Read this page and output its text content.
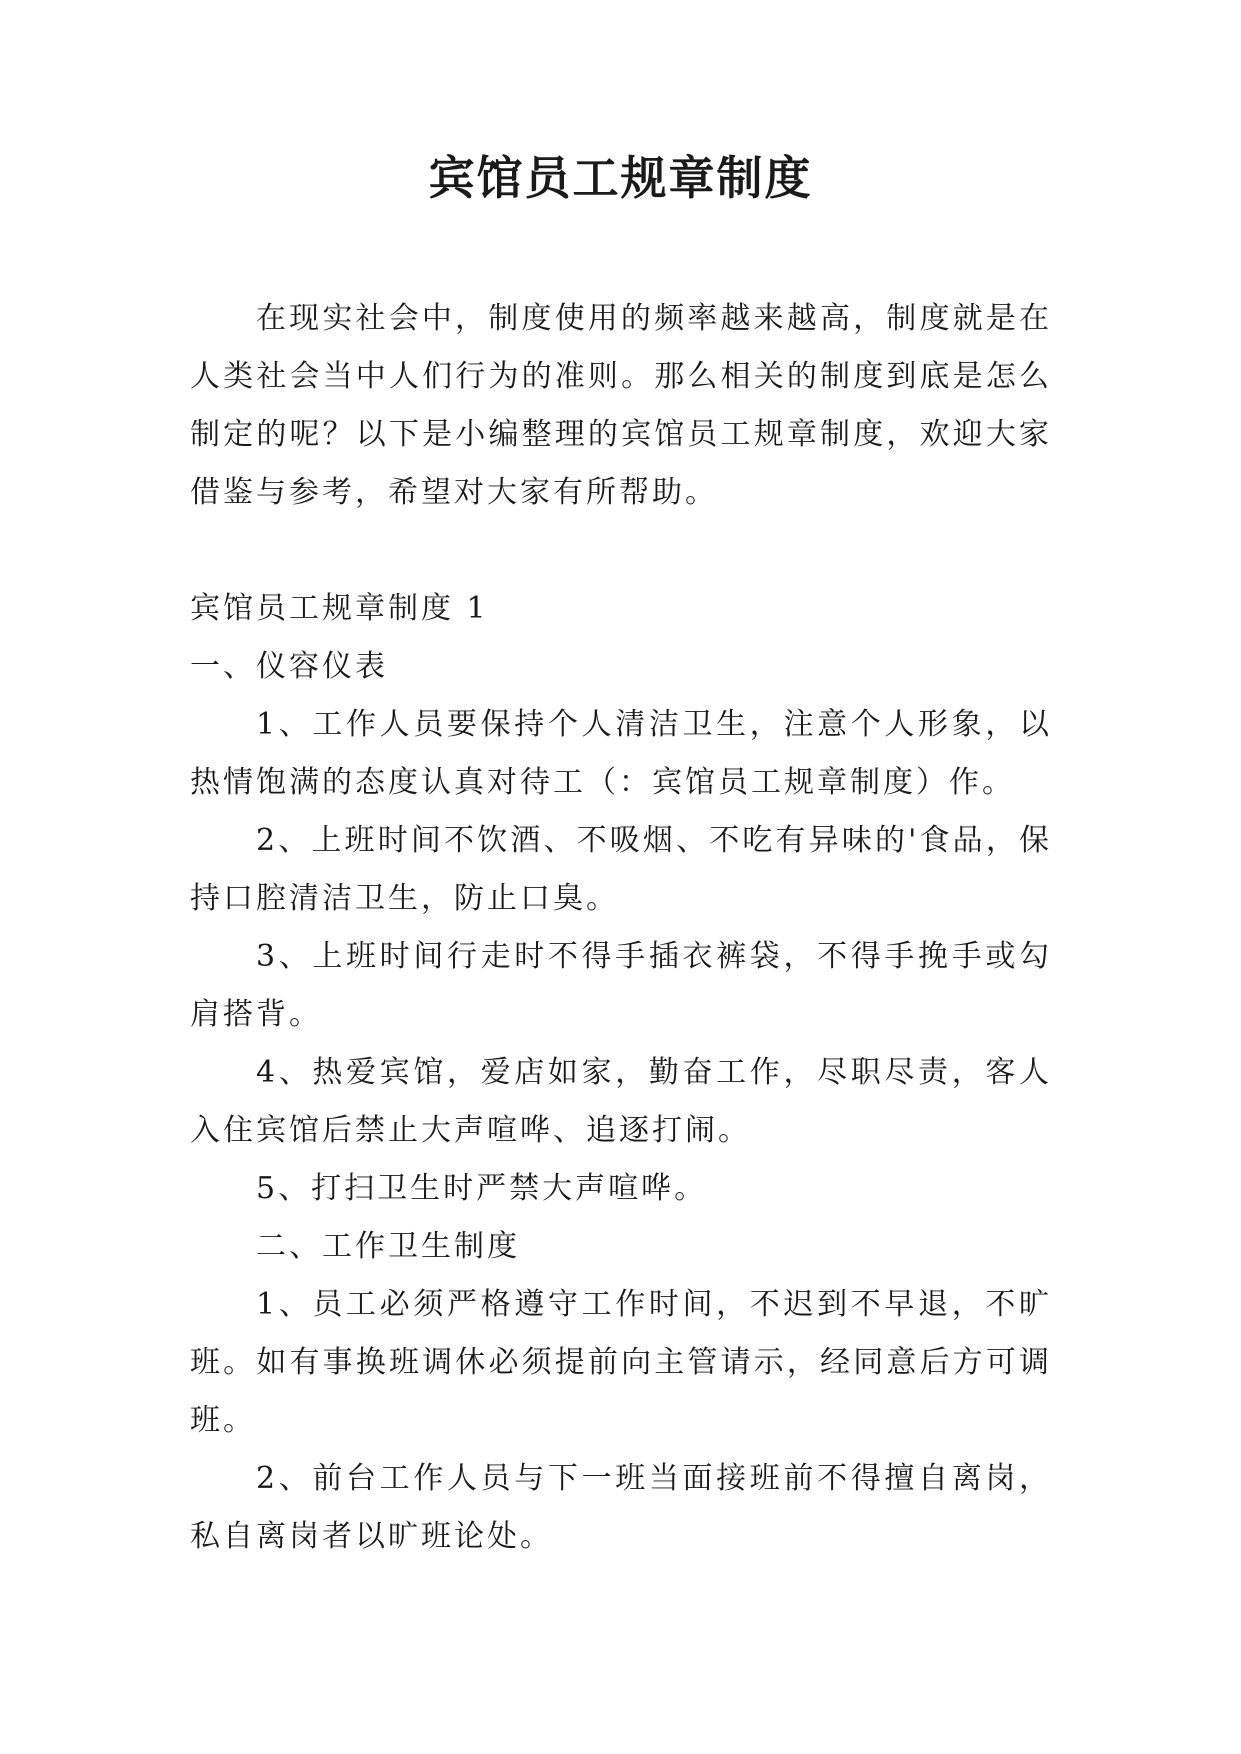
宾馆员工规章制度

在现实社会中，制度使用的频率越来越高，制度就是在人类社会当中人们行为的准则。那么相关的制度到底是怎么制定的呢？以下是小编整理的宾馆员工规章制度，欢迎大家借鉴与参考，希望对大家有所帮助。

宾馆员工规章制度 1

一、仪容仪表

1、工作人员要保持个人清洁卫生，注意个人形象，以热情饱满的态度认真对待工（：宾馆员工规章制度）作。

2、上班时间不饮酒、不吸烟、不吃有异味的'食品，保持口腔清洁卫生，防止口臭。

3、上班时间行走时不得手插衣裤袋，不得手挽手或勾肩搭背。

4、热爱宾馆，爱店如家，勤奋工作，尽职尽责，客人入住宾馆后禁止大声喧哗、追逐打闹。

5、打扫卫生时严禁大声喧哗。

二、工作卫生制度

1、员工必须严格遵守工作时间，不迟到不早退，不旷班。如有事换班调休必须提前向主管请示，经同意后方可调班。

2、前台工作人员与下一班当面接班前不得擅自离岗，私自离岗者以旷班论处。
